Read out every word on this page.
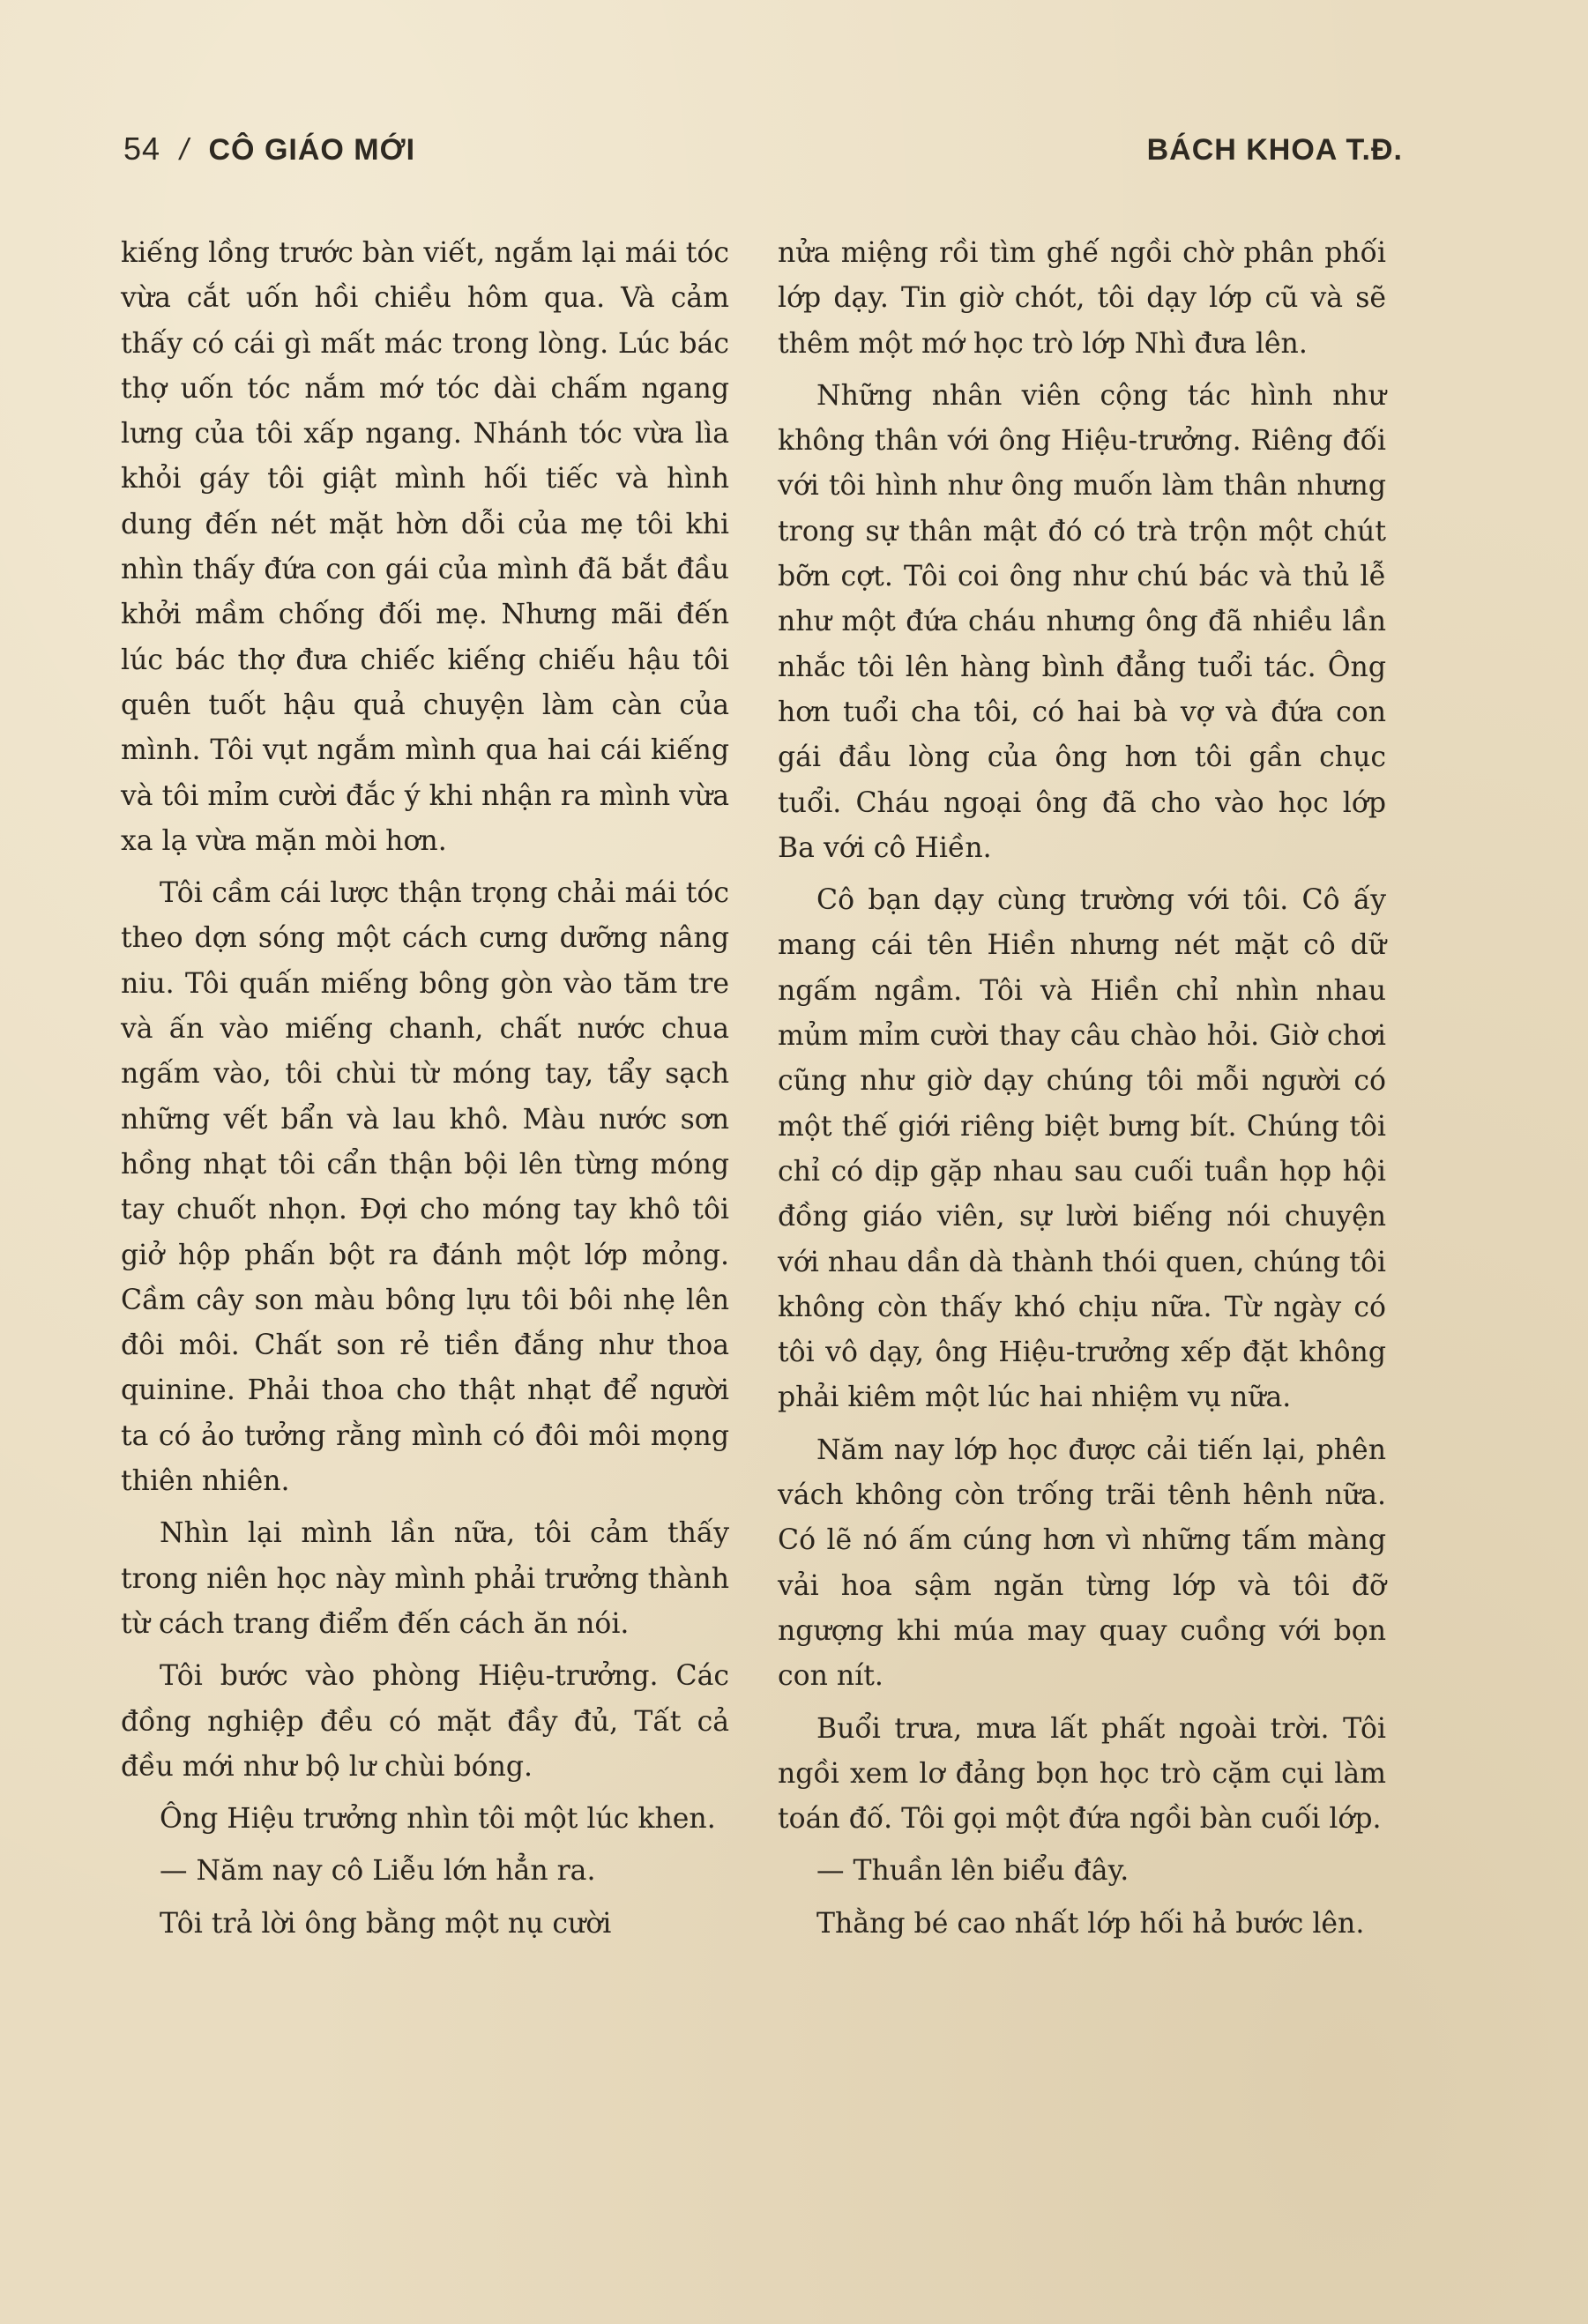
54 / CÔ GIÁO MỚI	BÁCH KHOA T.Đ.

kiếng lồng trước bàn viết, ngắm lại mái tóc vừa cắt uốn hồi chiều hôm qua. Và cảm thấy có cái gì mất mác trong lòng. Lúc bác thợ uốn tóc nắm mớ tóc dài chấm ngang lưng của tôi xấp ngang. Nhánh tóc vừa lìa khỏi gáy tôi giật mình hối tiếc và hình dung đến nét mặt hờn dỗi của mẹ tôi khi nhìn thấy đứa con gái của mình đã bắt đầu khởi mầm chống đối mẹ. Nhưng mãi đến lúc bác thợ đưa chiếc kiếng chiếu hậu tôi quên tuốt hậu quả chuyện làm càn của mình. Tôi vụt ngắm mình qua hai cái kiếng và tôi mỉm cười đắc ý khi nhận ra mình vừa xa lạ vừa mặn mòi hơn.

Tôi cầm cái lược thận trọng chải mái tóc theo dợn sóng một cách cưng dưỡng nâng niu. Tôi quấn miếng bông gòn vào tăm tre và ấn vào miếng chanh, chất nước chua ngấm vào, tôi chùi từ móng tay, tẩy sạch những vết bẩn và lau khô. Màu nước sơn hồng nhạt tôi cẩn thận bội lên từng móng tay chuốt nhọn. Đợi cho móng tay khô tôi giở hộp phấn bột ra đánh một lớp mỏng. Cầm cây son màu bông lựu tôi bôi nhẹ lên đôi môi. Chất son rẻ tiền đắng như thoa quinine. Phải thoa cho thật nhạt để người ta có ảo tưởng rằng mình có đôi môi mọng thiên nhiên.

Nhìn lại mình lần nữa, tôi cảm thấy trong niên học này mình phải trưởng thành từ cách trang điểm đến cách ăn nói.

Tôi bước vào phòng Hiệu-trưởng. Các đồng nghiệp đều có mặt đầy đủ, Tất cả đều mới như bộ lư chùi bóng.

Ông Hiệu trưởng nhìn tôi một lúc khen.

— Năm nay cô Liễu lớn hẳn ra.

Tôi trả lời ông bằng một nụ cười

nửa miệng rồi tìm ghế ngồi chờ phân phối lớp dạy. Tin giờ chót, tôi dạy lớp cũ và sẽ thêm một mớ học trò lớp Nhì đưa lên.

Những nhân viên cộng tác hình như không thân với ông Hiệu-trưởng. Riêng đối với tôi hình như ông muốn làm thân nhưng trong sự thân mật đó có trà trộn một chút bỡn cợt. Tôi coi ông như chú bác và thủ lễ như một đứa cháu nhưng ông đã nhiều lần nhắc tôi lên hàng bình đẳng tuổi tác. Ông hơn tuổi cha tôi, có hai bà vợ và đứa con gái đầu lòng của ông hơn tôi gần chục tuổi. Cháu ngoại ông đã cho vào học lớp Ba với cô Hiền.

Cô bạn dạy cùng trường với tôi. Cô ấy mang cái tên Hiền nhưng nét mặt cô dữ ngấm ngầm. Tôi và Hiền chỉ nhìn nhau mủm mỉm cười thay câu chào hỏi. Giờ chơi cũng như giờ dạy chúng tôi mỗi người có một thế giới riêng biệt bưng bít. Chúng tôi chỉ có dịp gặp nhau sau cuối tuần họp hội đồng giáo viên, sự lười biếng nói chuyện với nhau dần dà thành thói quen, chúng tôi không còn thấy khó chịu nữa. Từ ngày có tôi vô dạy, ông Hiệu-trưởng xếp đặt không phải kiêm một lúc hai nhiệm vụ nữa.

Năm nay lớp học được cải tiến lại, phên vách không còn trống trãi tênh hênh nữa. Có lẽ nó ấm cúng hơn vì những tấm màng vải hoa sậm ngăn từng lớp và tôi đỡ ngượng khi múa may quay cuồng với bọn con nít.

Buổi trưa, mưa lất phất ngoài trời. Tôi ngồi xem lơ đảng bọn học trò cặm cụi làm toán đố. Tôi gọi một đứa ngồi bàn cuối lớp.

— Thuần lên biểu đây.

Thằng bé cao nhất lớp hối hả bước lên.
